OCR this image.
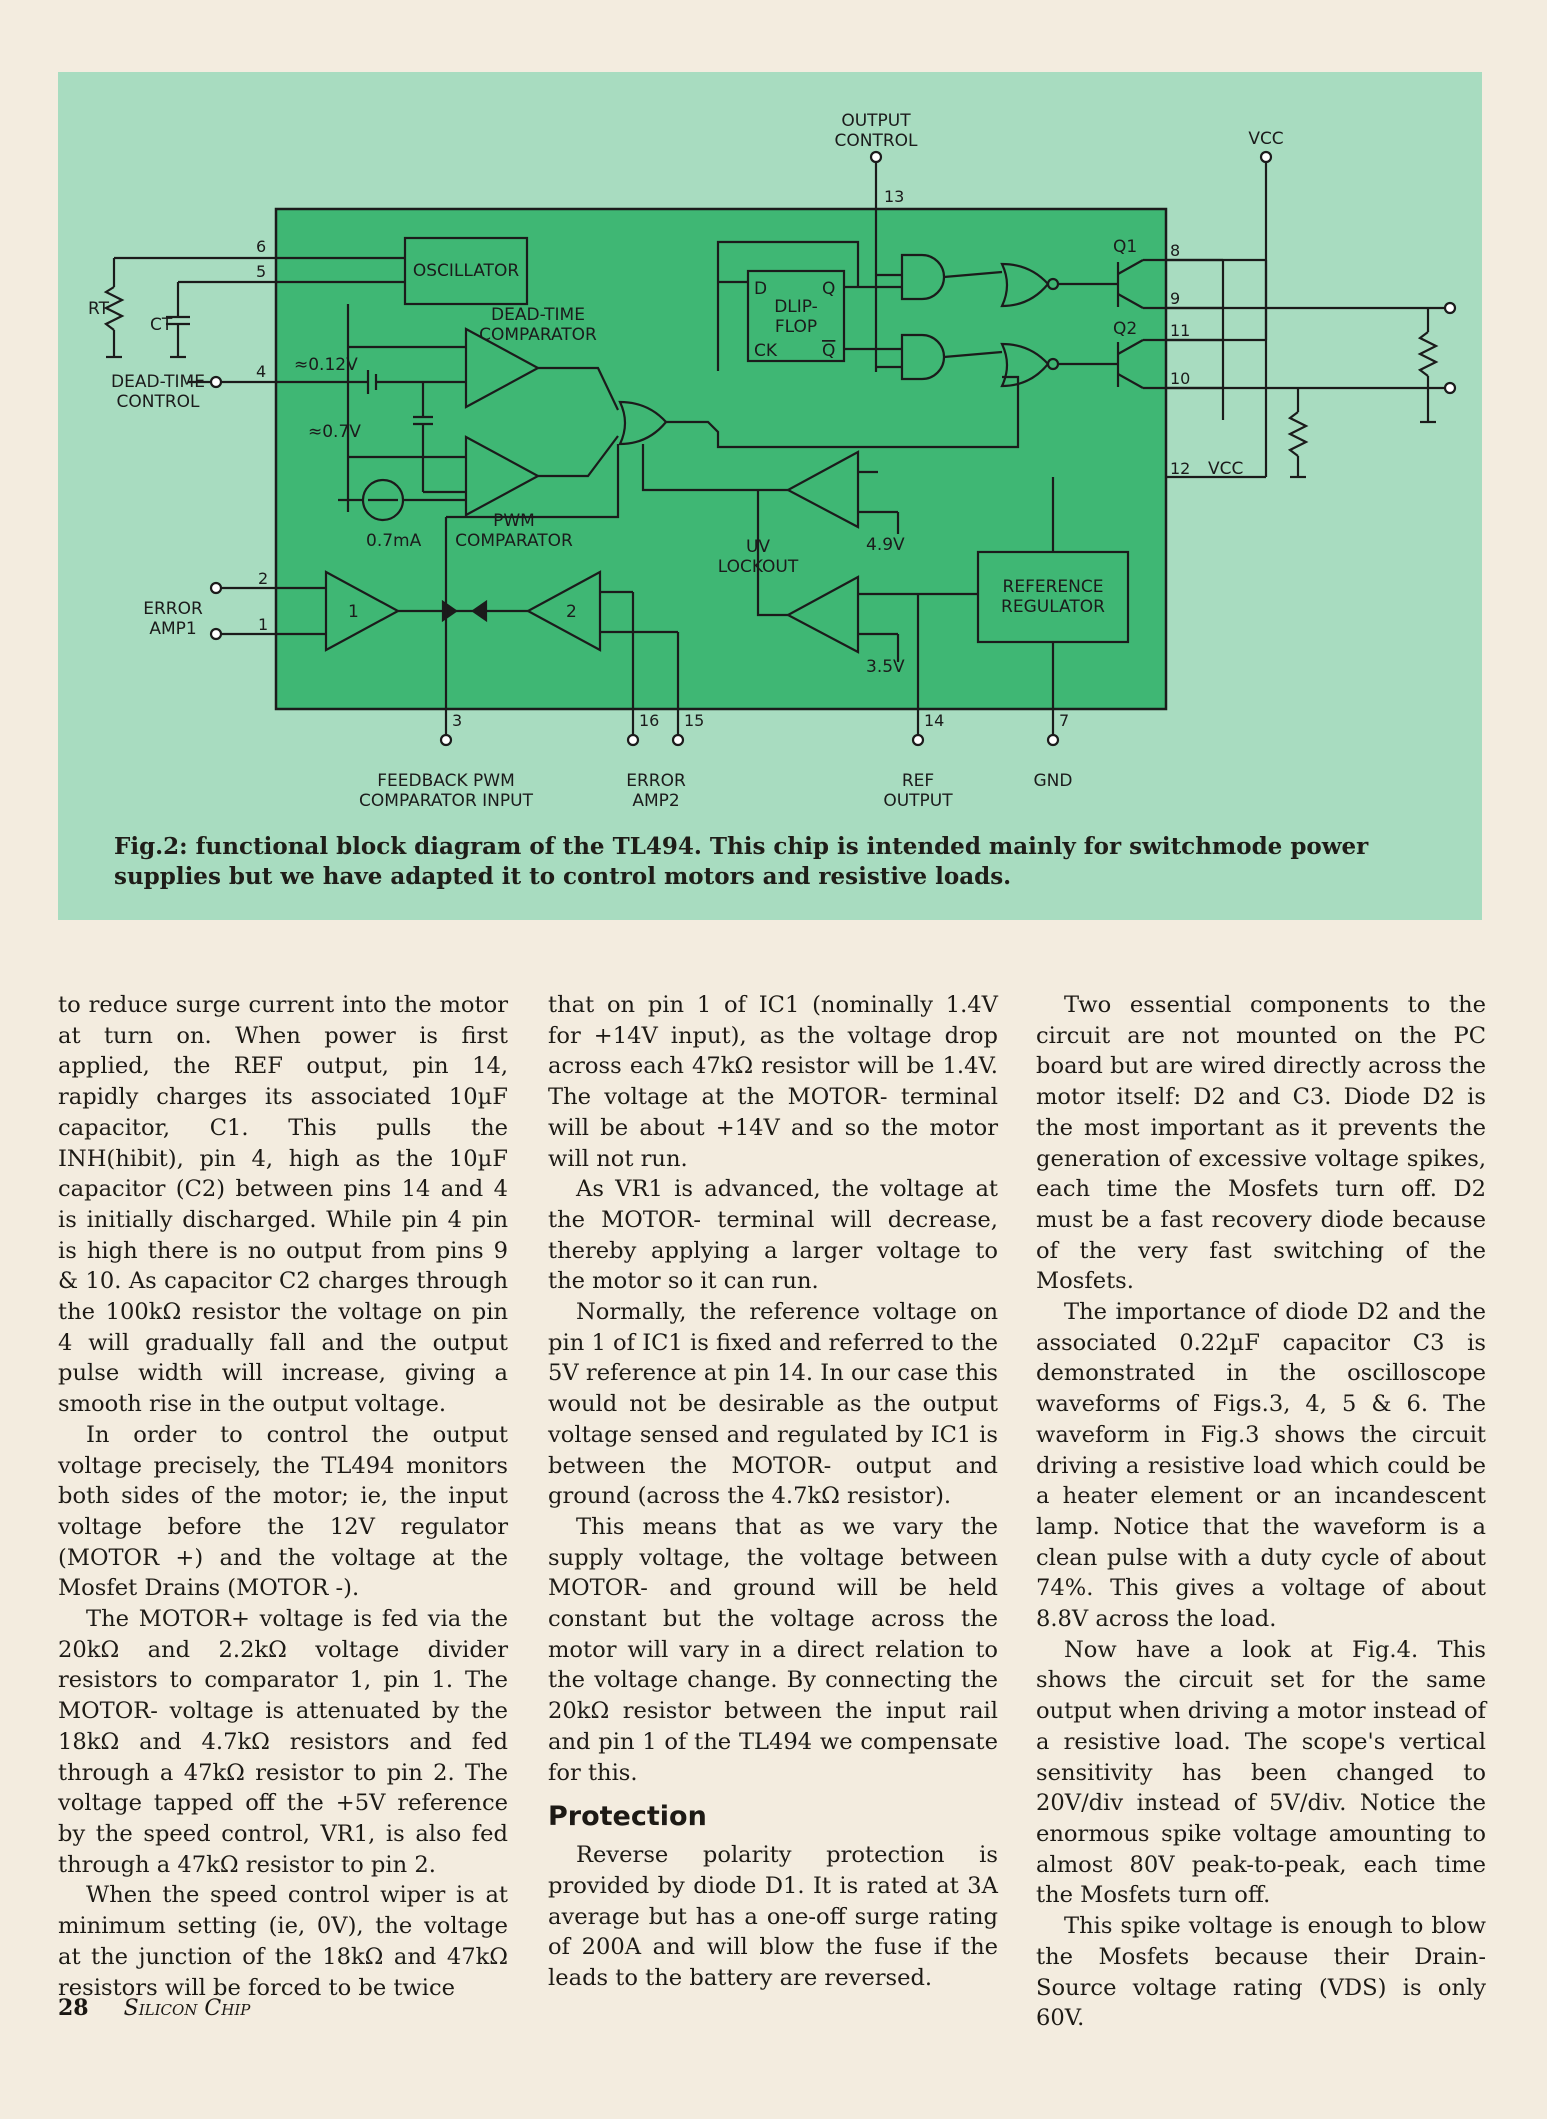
OUTPUT
CONTROL	VCC
13
OSCILLATOR
DEAD-TIME
COMPARATOR
D	Q
DLIP-
FLOP
CK	Q
Q1
Q2
8
9
11
10
12 VCC
6
5
4
RT
CT
DEAD-TIME
CONTROL
≈0.12V
≈0.7V
0.7mA
PWM
COMPARATOR	UV
LOCKOUT
4.9V
3.5V
REFERENCE
REGULATOR
1	2
2
1
ERROR
AMP1
3	16 15	14	7
FEEDBACK PWM
COMPARATOR INPUT
ERROR
AMP2
REF
OUTPUT
GND
Fig.2: functional block diagram of the TL494. This chip is intended mainly for switchmode power supplies but we have adapted it to control motors and resistive loads.

to reduce surge current into the motor at turn on. When power is first applied, the REF output, pin 14, rapidly charges its associated 10µF capacitor, C1. This pulls the INH(hibit), pin 4, high as the 10µF capacitor (C2) between pins 14 and 4 is initially discharged. While pin 4 pin is high there is no output from pins 9 & 10. As capacitor C2 charges through the 100kΩ resistor the voltage on pin 4 will gradually fall and the output pulse width will increase, giving a smooth rise in the output voltage.

In order to control the output voltage precisely, the TL494 monitors both sides of the motor; ie, the input voltage before the 12V regulator (MOTOR +) and the voltage at the Mosfet Drains (MOTOR -).

The MOTOR+ voltage is fed via the 20kΩ and 2.2kΩ voltage divider resistors to comparator 1, pin 1. The MOTOR- voltage is attenuated by the 18kΩ and 4.7kΩ resistors and fed through a 47kΩ resistor to pin 2. The voltage tapped off the +5V reference by the speed control, VR1, is also fed through a 47kΩ resistor to pin 2.

When the speed control wiper is at minimum setting (ie, 0V), the voltage at the junction of the 18kΩ and 47kΩ resistors will be forced to be twice

that on pin 1 of IC1 (nominally 1.4V for +14V input), as the voltage drop across each 47kΩ resistor will be 1.4V. The voltage at the MOTOR- terminal will be about +14V and so the motor will not run.

As VR1 is advanced, the voltage at the MOTOR- terminal will decrease, thereby applying a larger voltage to the motor so it can run.

Normally, the reference voltage on pin 1 of IC1 is fixed and referred to the 5V reference at pin 14. In our case this would not be desirable as the output voltage sensed and regulated by IC1 is between the MOTOR- output and ground (across the 4.7kΩ resistor).

This means that as we vary the supply voltage, the voltage between MOTOR- and ground will be held constant but the voltage across the motor will vary in a direct relation to the voltage change. By connecting the 20kΩ resistor between the input rail and pin 1 of the TL494 we compensate for this.

Protection

Reverse polarity protection is provided by diode D1. It is rated at 3A average but has a one-off surge rating of 200A and will blow the fuse if the leads to the battery are reversed.

Two essential components to the circuit are not mounted on the PC board but are wired directly across the motor itself: D2 and C3. Diode D2 is the most important as it prevents the generation of excessive voltage spikes, each time the Mosfets turn off. D2 must be a fast recovery diode because of the very fast switching of the Mosfets.

The importance of diode D2 and the associated 0.22µF capacitor C3 is demonstrated in the oscilloscope waveforms of Figs.3, 4, 5 & 6. The waveform in Fig.3 shows the circuit driving a resistive load which could be a heater element or an incandescent lamp. Notice that the waveform is a clean pulse with a duty cycle of about 74%. This gives a voltage of about 8.8V across the load.

Now have a look at Fig.4. This shows the circuit set for the same output when driving a motor instead of a resistive load. The scope's vertical sensitivity has been changed to 20V/div instead of 5V/div. Notice the enormous spike voltage amounting to almost 80V peak-to-peak, each time the Mosfets turn off.

This spike voltage is enough to blow the Mosfets because their Drain-Source voltage rating (VDS) is only 60V.

28 Silicon Chip
